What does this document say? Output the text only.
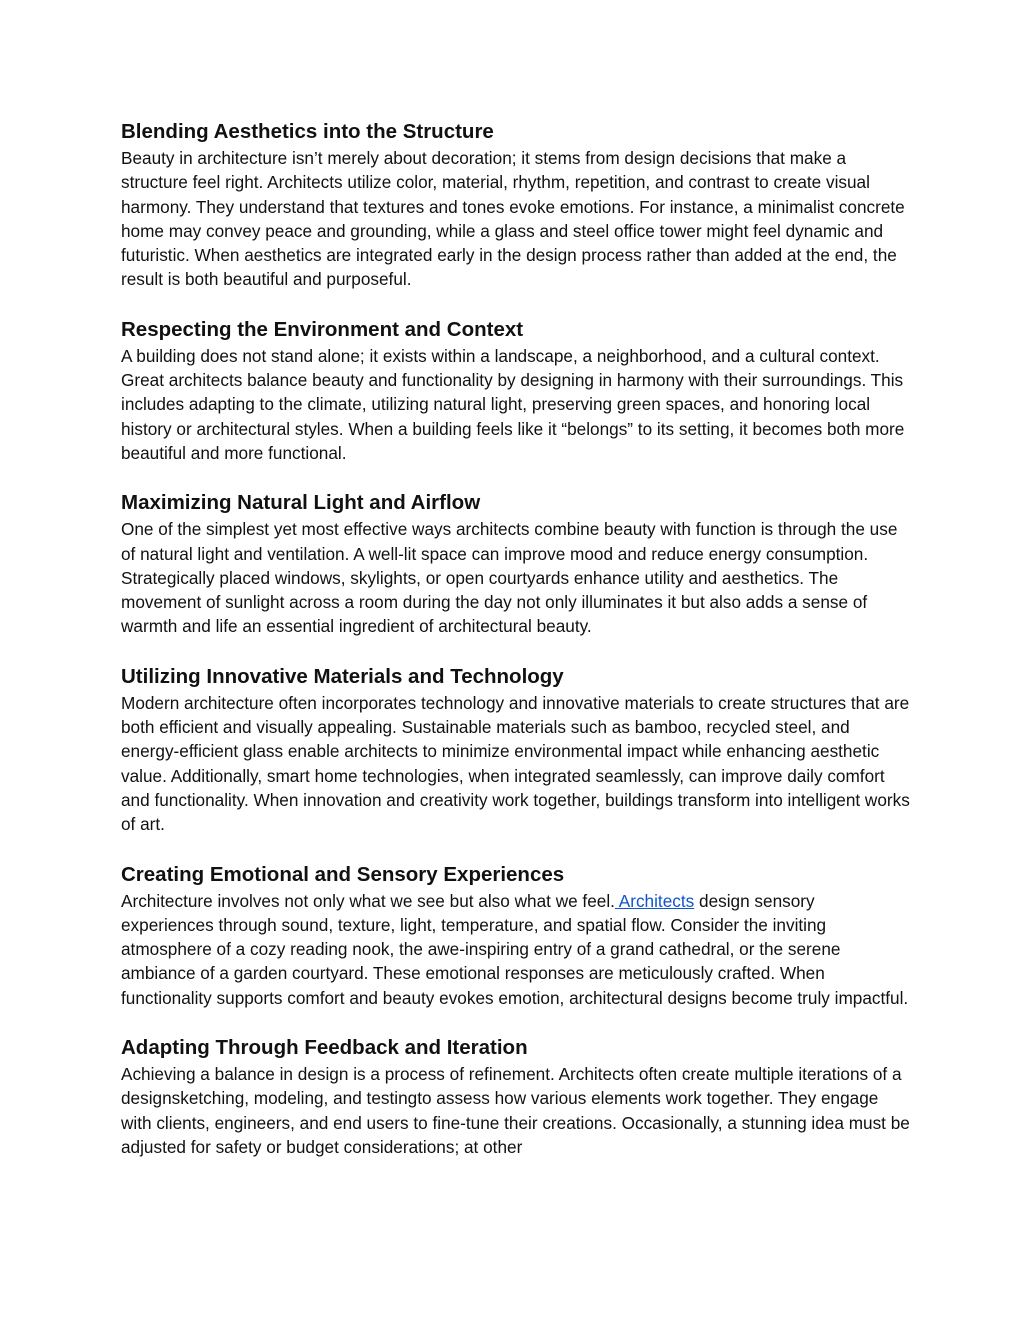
Blending Aesthetics into the Structure

Beauty in architecture isn’t merely about decoration; it stems from design decisions that make a structure feel right. Architects utilize color, material, rhythm, repetition, and contrast to create visual harmony. They understand that textures and tones evoke emotions. For instance, a minimalist concrete home may convey peace and grounding, while a glass and steel office tower might feel dynamic and futuristic. When aesthetics are integrated early in the design process rather than added at the end, the result is both beautiful and purposeful.

Respecting the Environment and Context

A building does not stand alone; it exists within a landscape, a neighborhood, and a cultural context. Great architects balance beauty and functionality by designing in harmony with their surroundings. This includes adapting to the climate, utilizing natural light, preserving green spaces, and honoring local history or architectural styles. When a building feels like it “belongs” to its setting, it becomes both more beautiful and more functional.

Maximizing Natural Light and Airflow

One of the simplest yet most effective ways architects combine beauty with function is through the use of natural light and ventilation. A well-lit space can improve mood and reduce energy consumption. Strategically placed windows, skylights, or open courtyards enhance utility and aesthetics. The movement of sunlight across a room during the day not only illuminates it but also adds a sense of warmth and life an essential ingredient of architectural beauty.

Utilizing Innovative Materials and Technology

Modern architecture often incorporates technology and innovative materials to create structures that are both efficient and visually appealing. Sustainable materials such as bamboo, recycled steel, and energy-efficient glass enable architects to minimize environmental impact while enhancing aesthetic value. Additionally, smart home technologies, when integrated seamlessly, can improve daily comfort and functionality. When innovation and creativity work together, buildings transform into intelligent works of art.

Creating Emotional and Sensory Experiences

Architecture involves not only what we see but also what we feel. Architects design sensory experiences through sound, texture, light, temperature, and spatial flow. Consider the inviting atmosphere of a cozy reading nook, the awe-inspiring entry of a grand cathedral, or the serene ambiance of a garden courtyard. These emotional responses are meticulously crafted. When functionality supports comfort and beauty evokes emotion, architectural designs become truly impactful.

Adapting Through Feedback and Iteration

Achieving a balance in design is a process of refinement. Architects often create multiple iterations of a designsketching, modeling, and testingto assess how various elements work together. They engage with clients, engineers, and end users to fine-tune their creations. Occasionally, a stunning idea must be adjusted for safety or budget considerations; at other
